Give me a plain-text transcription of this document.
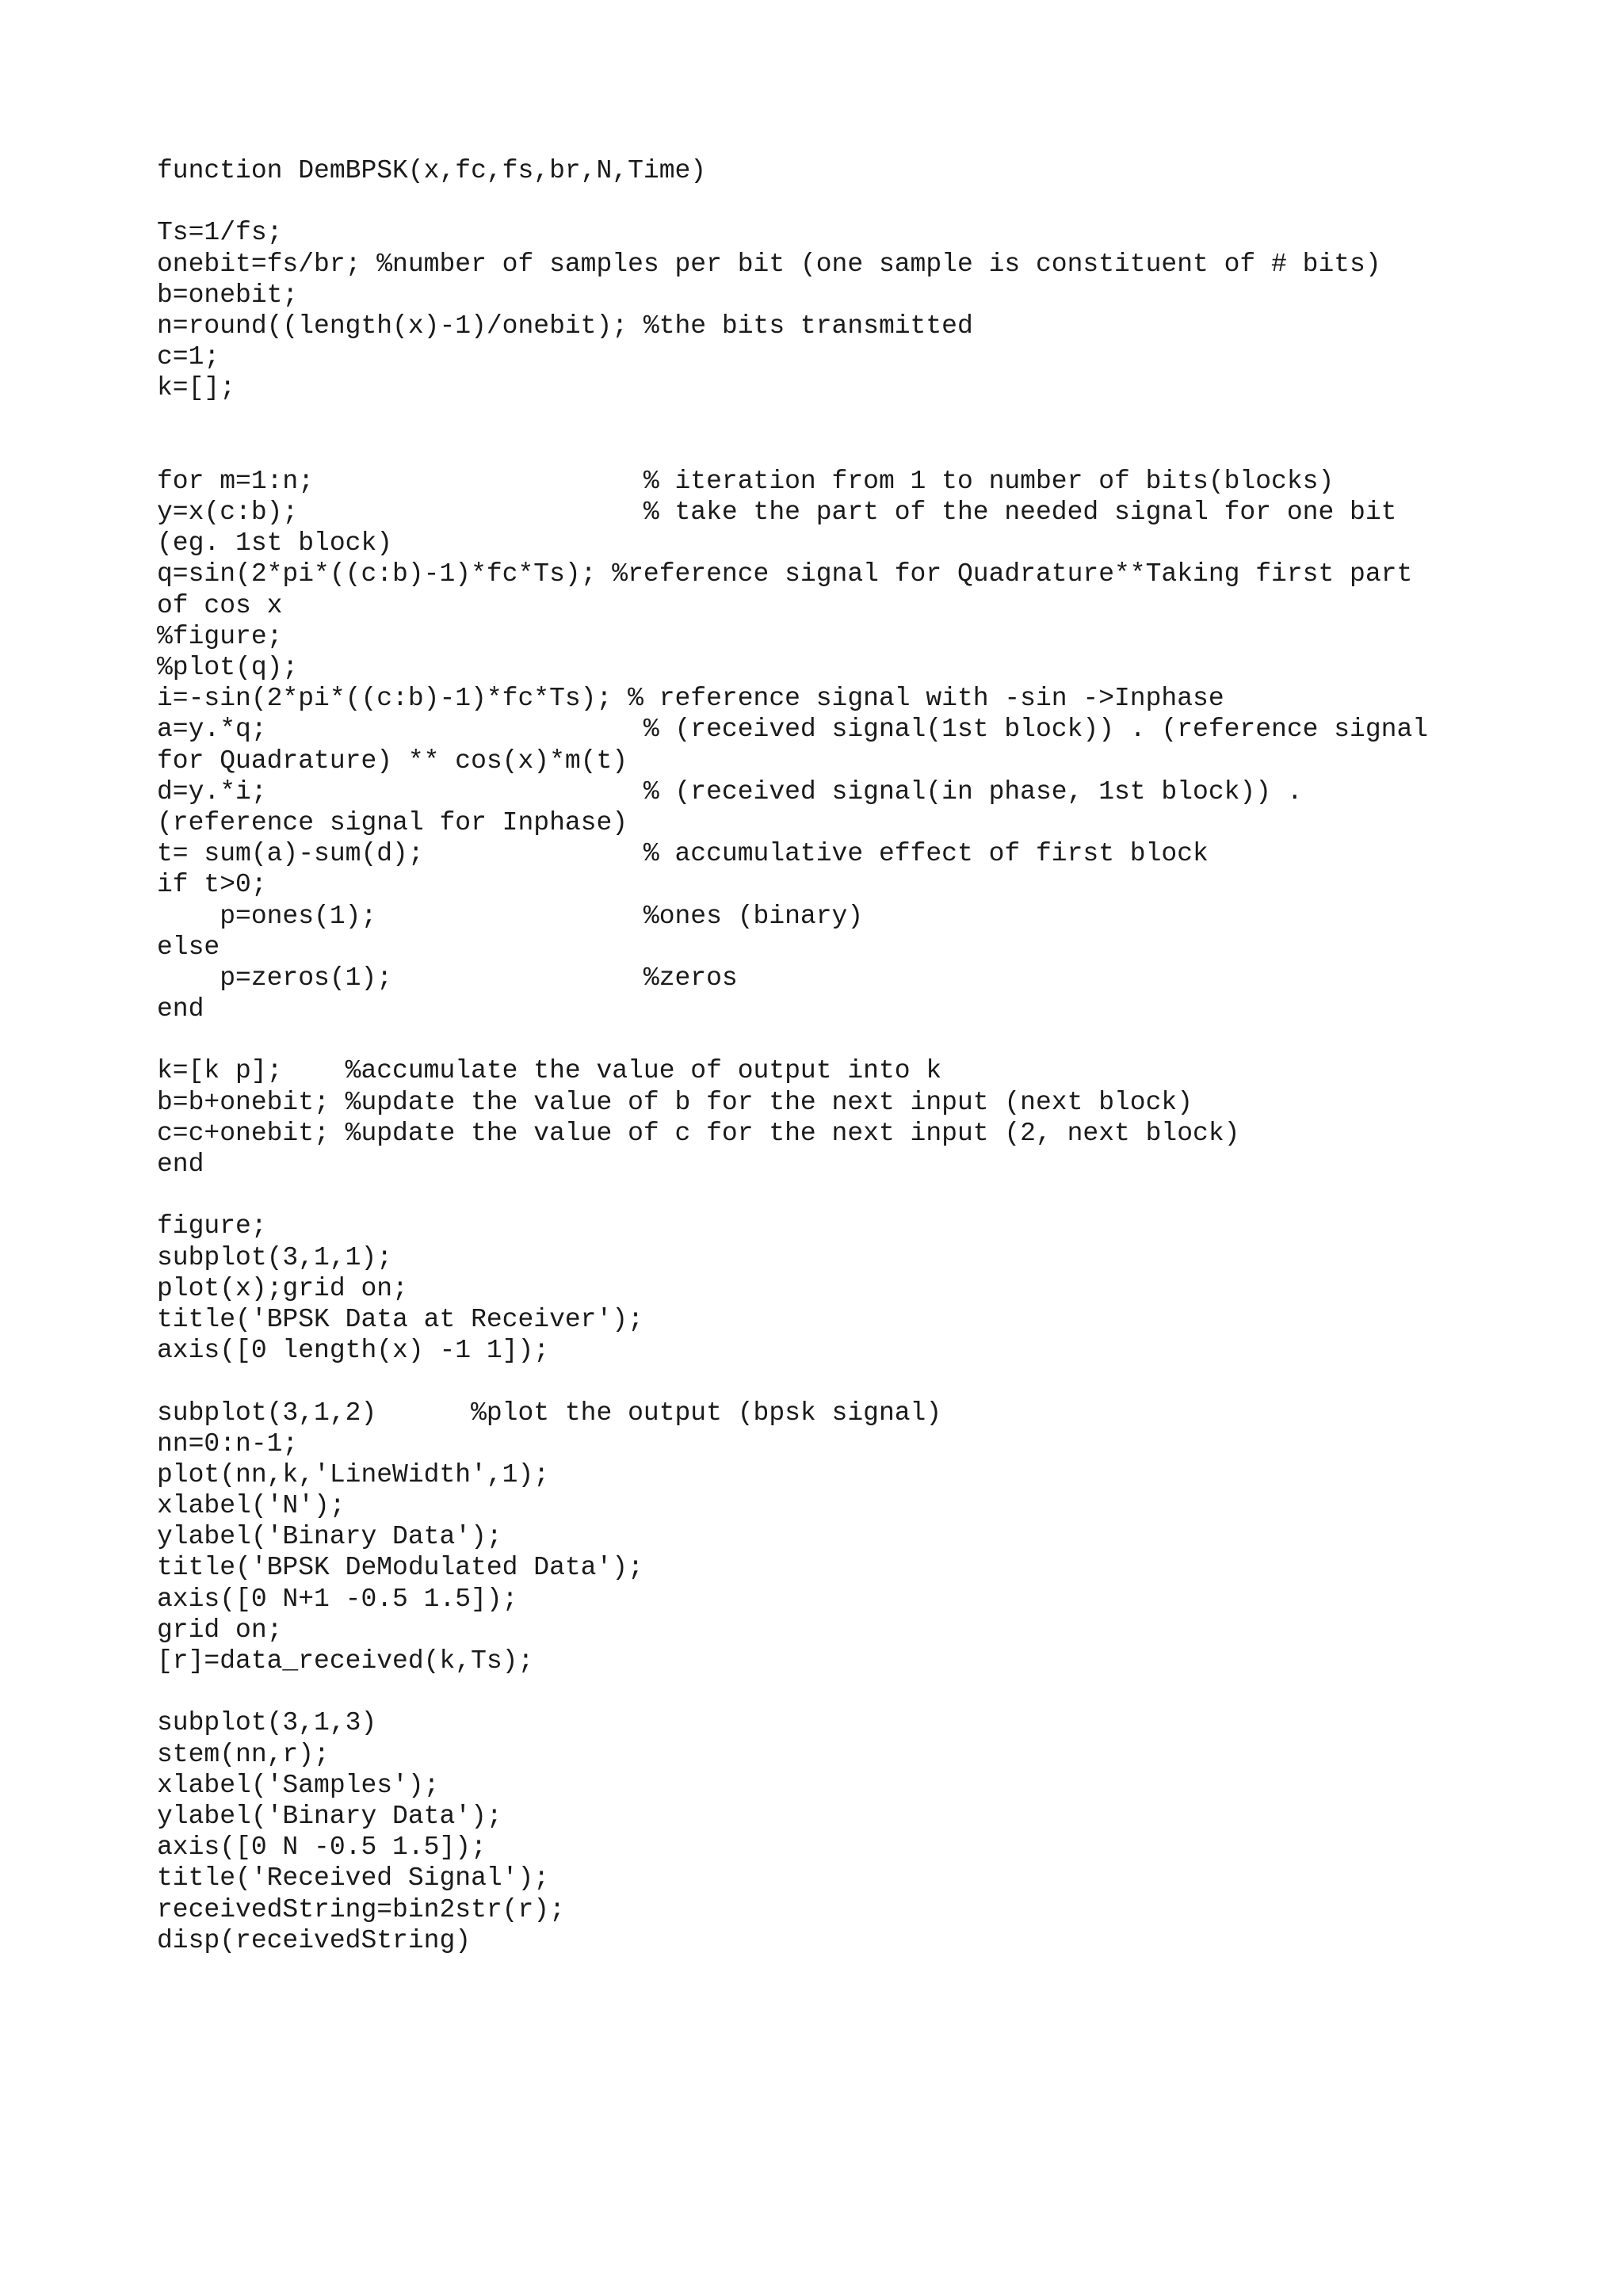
function DemBPSK(x,fc,fs,br,N,Time)
Ts=1/fs;
onebit=fs/br; %number of samples per bit (one sample is constituent of # bits)
b=onebit;
n=round((length(x)-1)/onebit); %the bits transmitted
c=1;
k=[];
for m=1:n;                     % iteration from 1 to number of bits(blocks)
y=x(c:b);                      % take the part of the needed signal for one bit
(eg. 1st block)
q=sin(2*pi*((c:b)-1)*fc*Ts); %reference signal for Quadrature**Taking first part
of cos x
%figure;
%plot(q);
i=-sin(2*pi*((c:b)-1)*fc*Ts); % reference signal with -sin ->Inphase
a=y.*q;                        % (received signal(1st block)) . (reference signal
for Quadrature) ** cos(x)*m(t)
d=y.*i;                        % (received signal(in phase, 1st block)) .
(reference signal for Inphase)
t= sum(a)-sum(d);              % accumulative effect of first block
if t>0;
p=ones(1);                 %ones (binary)
else
p=zeros(1);                %zeros
end
k=[k p];    %accumulate the value of output into k
b=b+onebit; %update the value of b for the next input (next block)
c=c+onebit; %update the value of c for the next input (2, next block)
end
figure;
subplot(3,1,1);
plot(x);grid on;
title('BPSK Data at Receiver');
axis([0 length(x) -1 1]);
subplot(3,1,2)      %plot the output (bpsk signal)
nn=0:n-1;
plot(nn,k,'LineWidth',1);
xlabel('N');
ylabel('Binary Data');
title('BPSK DeModulated Data');
axis([0 N+1 -0.5 1.5]);
grid on;
[r]=data_received(k,Ts);
subplot(3,1,3)
stem(nn,r);
xlabel('Samples');
ylabel('Binary Data');
axis([0 N -0.5 1.5]);
title('Received Signal');
receivedString=bin2str(r);
disp(receivedString)
